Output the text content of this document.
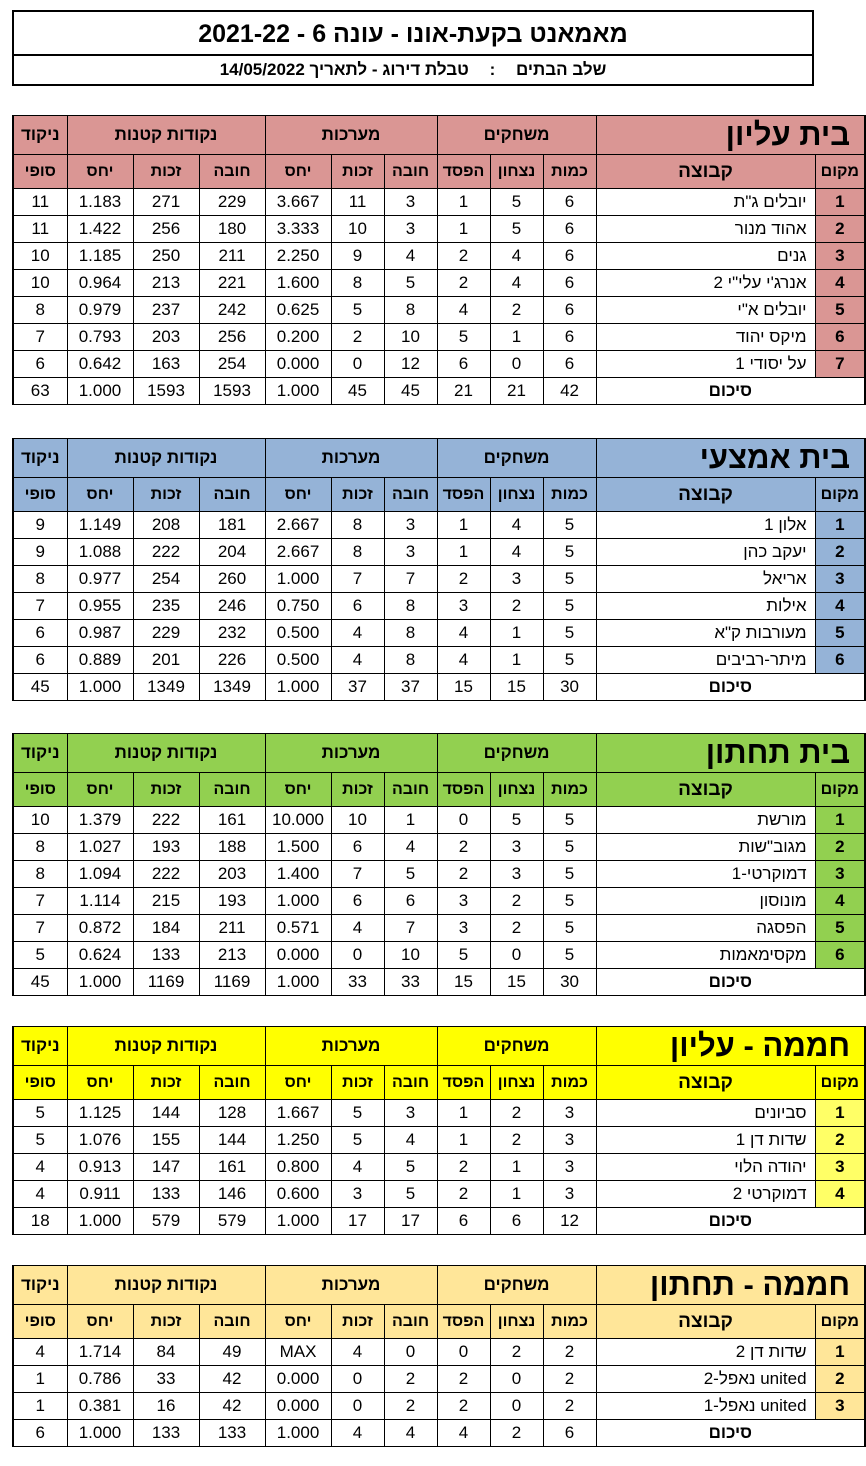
מאמאנט בקעת-אונו - עונה 6 - 2021-22
שלב הבתים : טבלת דירוג - לתאריך 14/05/2022
ניקוד	נקודות קטנות			מערכות			משחקים			בית עליון	
סופי	יחס	זכות	חובה	יחס	זכות	חובה	הפסד	נצחון	כמות	קבוצה	מקום
11	1.183	271	229	3.667	11	3	1	5	6	יובלים ג"ת	1
11	1.422	256	180	3.333	10	3	1	5	6	אהוד מנור	2
10	1.185	250	211	2.250	9	4	2	4	6	גנים	3
10	0.964	213	221	1.600	8	5	2	4	6	אנרג'י עלי"י 2	4
8	0.979	237	242	0.625	5	8	4	2	6	יובלים א"י	5
7	0.793	203	256	0.200	2	10	5	1	6	מיקס יהוד	6
6	0.642	163	254	0.000	0	12	6	0	6	על יסודי 1	7
63	1.000	1593	1593	1.000	45	45	21	21	42	סיכום	
ניקוד	נקודות קטנות			מערכות			משחקים			בית אמצעי	
סופי	יחס	זכות	חובה	יחס	זכות	חובה	הפסד	נצחון	כמות	קבוצה	מקום
9	1.149	208	181	2.667	8	3	1	4	5	אלון 1	1
9	1.088	222	204	2.667	8	3	1	4	5	יעקב כהן	2
8	0.977	254	260	1.000	7	7	2	3	5	אריאל	3
7	0.955	235	246	0.750	6	8	3	2	5	אילות	4
6	0.987	229	232	0.500	4	8	4	1	5	מעורבות ק"א	5
6	0.889	201	226	0.500	4	8	4	1	5	מיתר-רביבים	6
45	1.000	1349	1349	1.000	37	37	15	15	30	סיכום	
ניקוד	נקודות קטנות			מערכות			משחקים			בית תחתון	
סופי	יחס	זכות	חובה	יחס	זכות	חובה	הפסד	נצחון	כמות	קבוצה	מקום
10	1.379	222	161	10.000	10	1	0	5	5	מורשת	1
8	1.027	193	188	1.500	6	4	2	3	5	מגוב"שות	2
8	1.094	222	203	1.400	7	5	2	3	5	דמוקרטי-1	3
7	1.114	215	193	1.000	6	6	3	2	5	מונוסון	4
7	0.872	184	211	0.571	4	7	3	2	5	הפסגה	5
5	0.624	133	213	0.000	0	10	5	0	5	מקסימאמות	6
45	1.000	1169	1169	1.000	33	33	15	15	30	סיכום	
ניקוד	נקודות קטנות			מערכות			משחקים			חממה - עליון	
סופי	יחס	זכות	חובה	יחס	זכות	חובה	הפסד	נצחון	כמות	קבוצה	מקום
5	1.125	144	128	1.667	5	3	1	2	3	סביונים	1
5	1.076	155	144	1.250	5	4	1	2	3	שדות דן 1	2
4	0.913	147	161	0.800	4	5	2	1	3	יהודה הלוי	3
4	0.911	133	146	0.600	3	5	2	1	3	דמוקרטי 2	4
18	1.000	579	579	1.000	17	17	6	6	12	סיכום	
ניקוד	נקודות קטנות			מערכות			משחקים			חממה - תחתון	
סופי	יחס	זכות	חובה	יחס	זכות	חובה	הפסד	נצחון	כמות	קבוצה	מקום
4	1.714	84	49	MAX	4	0	0	2	2	שדות דן 2	1
1	0.786	33	42	0.000	0	2	2	0	2	united נאפל-2	2
1	0.381	16	42	0.000	0	2	2	0	2	united נאפל-1	3
6	1.000	133	133	1.000	4	4	4	2	6	סיכום	
